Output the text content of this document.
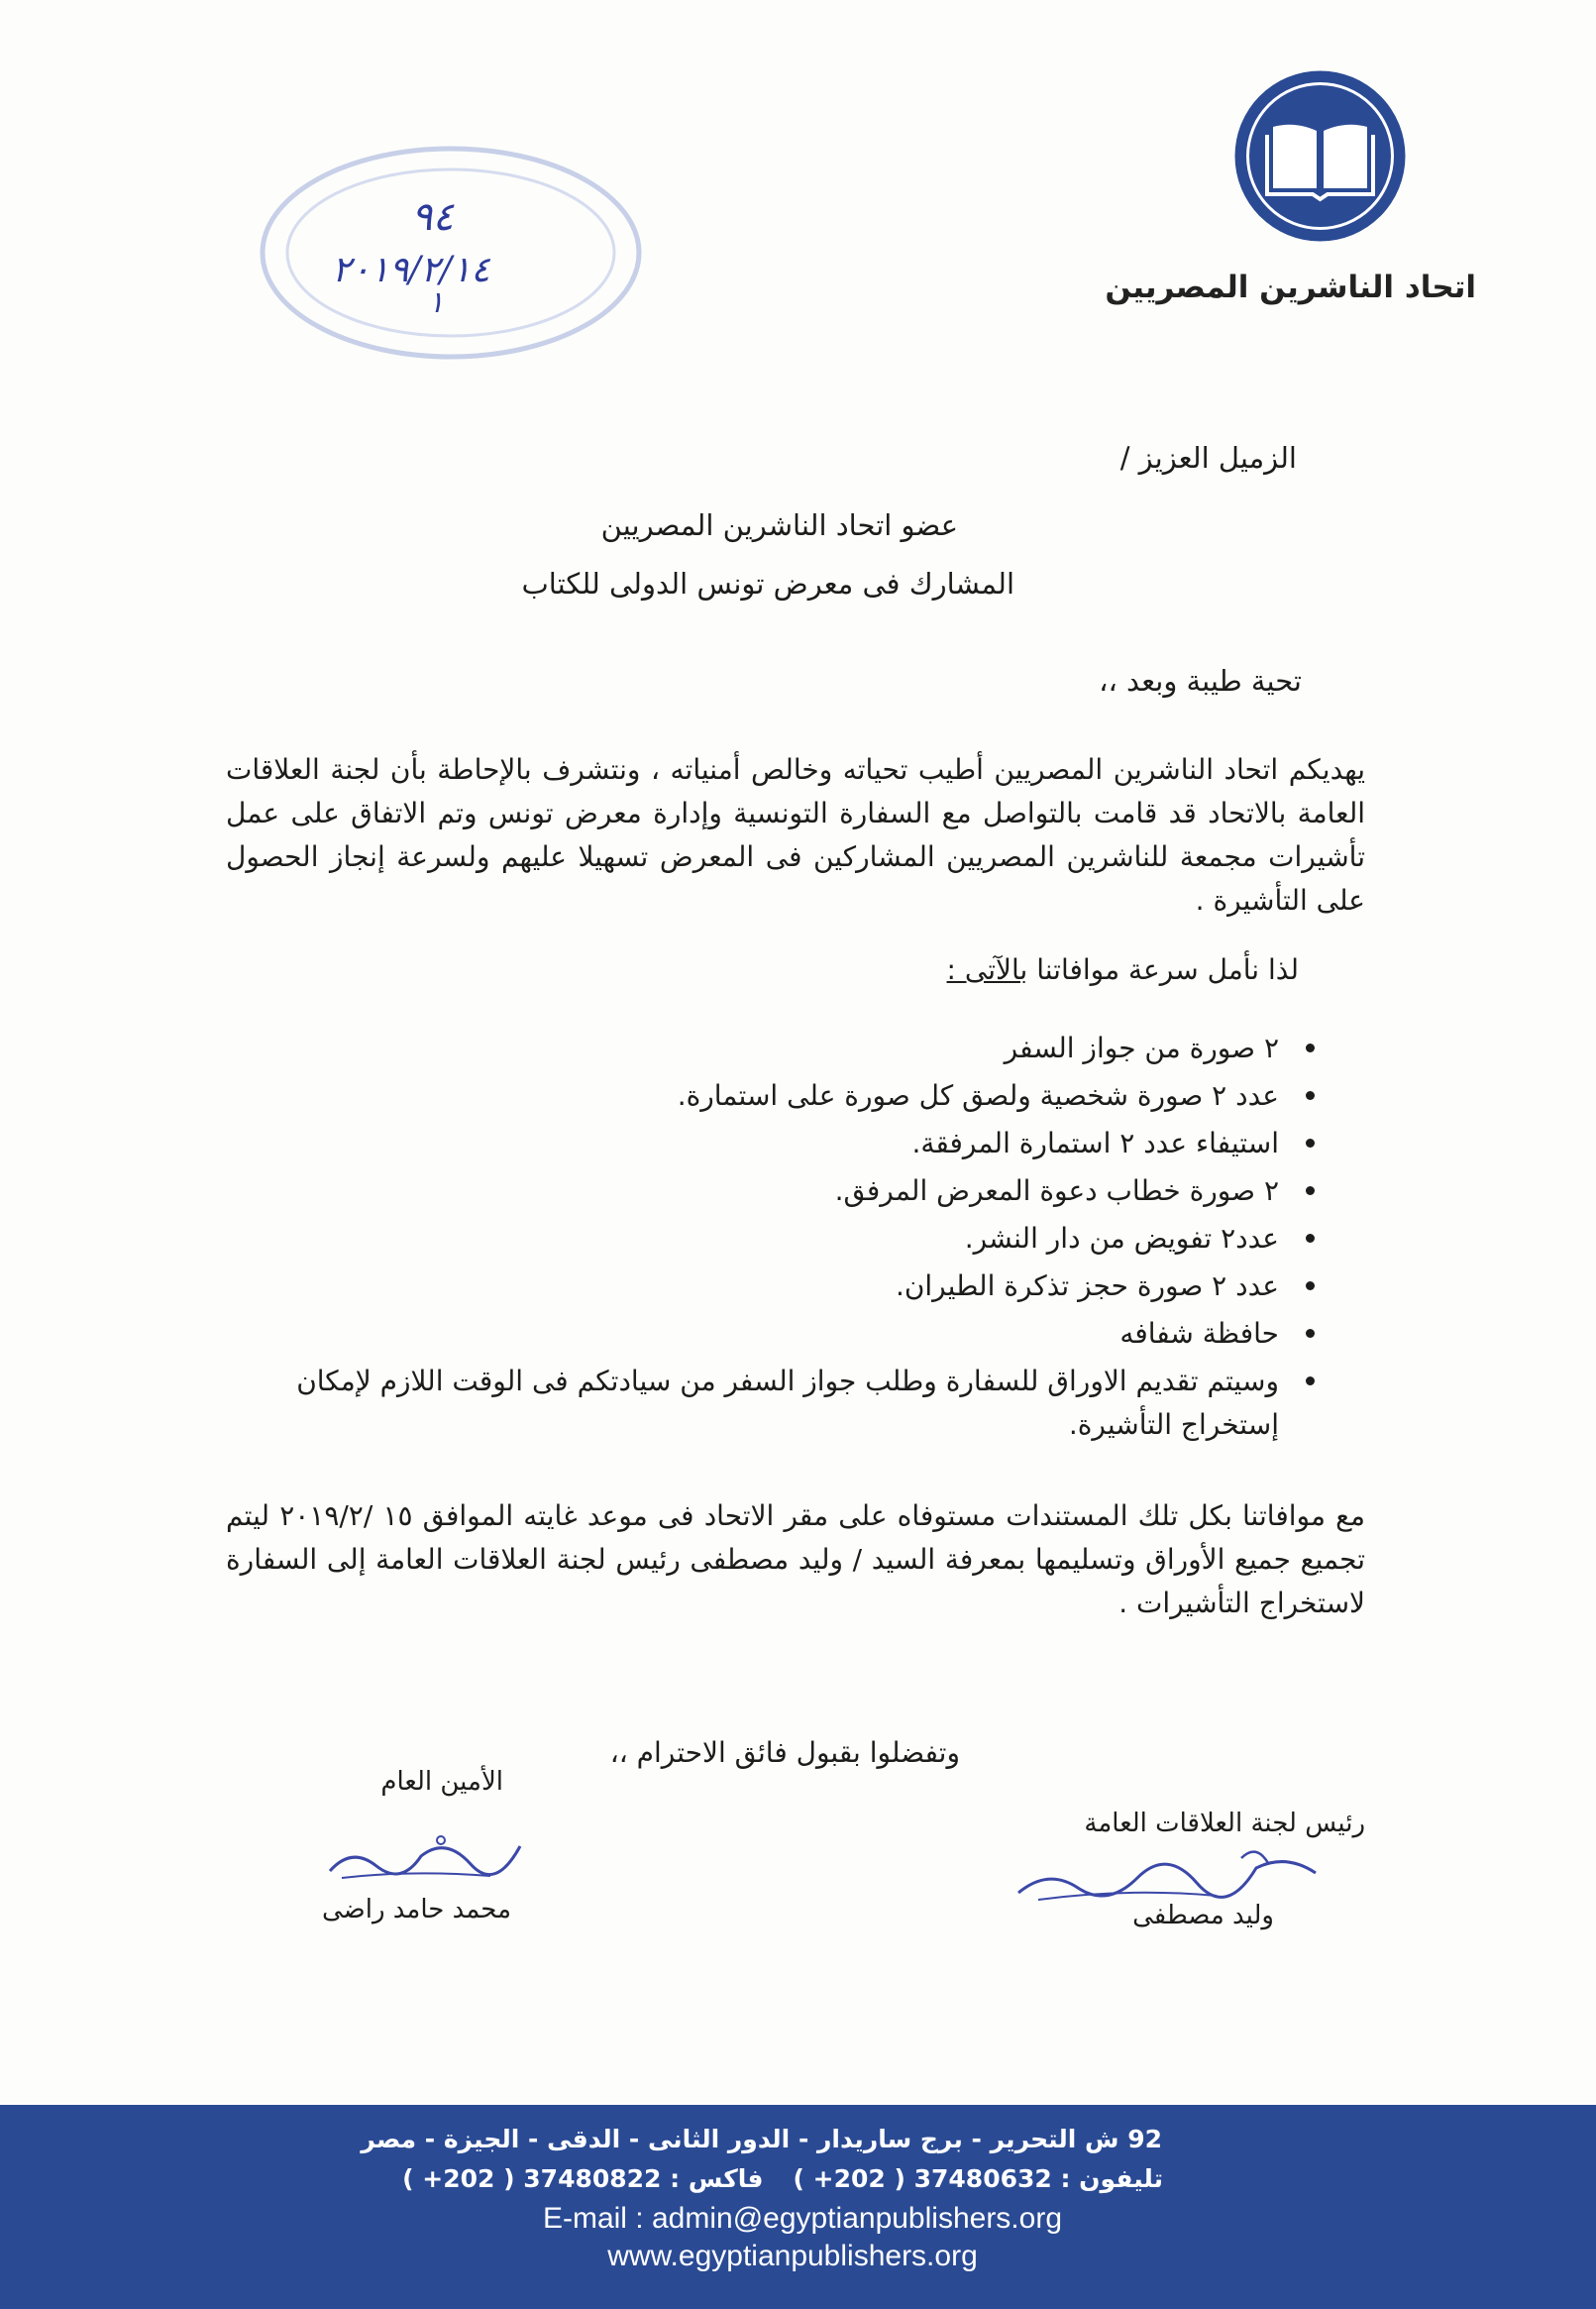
اتحاد الناشرين المصريين
٩٤
٢٠١٩/٢/١٤
١
الزميل العزيز /
عضو اتحاد الناشرين المصريين
المشارك فى معرض تونس الدولى للكتاب
تحية طيبة وبعد ،،
يهديكم اتحاد الناشرين المصريين أطيب تحياته وخالص أمنياته ، ونتشرف بالإحاطة بأن لجنة العلاقات العامة بالاتحاد قد قامت بالتواصل مع السفارة التونسية وإدارة معرض تونس وتم الاتفاق على عمل تأشيرات مجمعة للناشرين المصريين المشاركين فى المعرض تسهيلا عليهم ولسرعة إنجاز الحصول على التأشيرة .
لذا نأمل سرعة موافاتنا بالآتى :
٢ صورة من جواز السفر
عدد ٢ صورة شخصية ولصق كل صورة على استمارة.
استيفاء عدد ٢ استمارة المرفقة.
٢ صورة خطاب دعوة المعرض المرفق.
عدد٢ تفويض من دار النشر.
عدد ٢ صورة حجز تذكرة الطيران.
حافظة شفافه
وسيتم تقديم الاوراق للسفارة وطلب جواز السفر من سيادتكم فى الوقت اللازم لإمكان إستخراج التأشيرة.
مع موافاتنا بكل تلك المستندات مستوفاه على مقر الاتحاد فى موعد غايته الموافق ١٥ /٢٠١٩/٢ ليتم تجميع جميع الأوراق وتسليمها بمعرفة السيد / وليد مصطفى رئيس لجنة العلاقات العامة إلى السفارة لاستخراج التأشيرات .
وتفضلوا بقبول فائق الاحترام ،،
رئيس لجنة العلاقات العامة
وليد مصطفى
الأمين العام
محمد حامد راضى
92 ش التحرير - برج ساريدار - الدور الثانى - الدقى - الجيزة - مصر
تليفون : 37480632 ( 202+ )فاكس : 37480822 ( 202+ )
E-mail : admin@egyptianpublishers.org
www.egyptianpublishers.org
